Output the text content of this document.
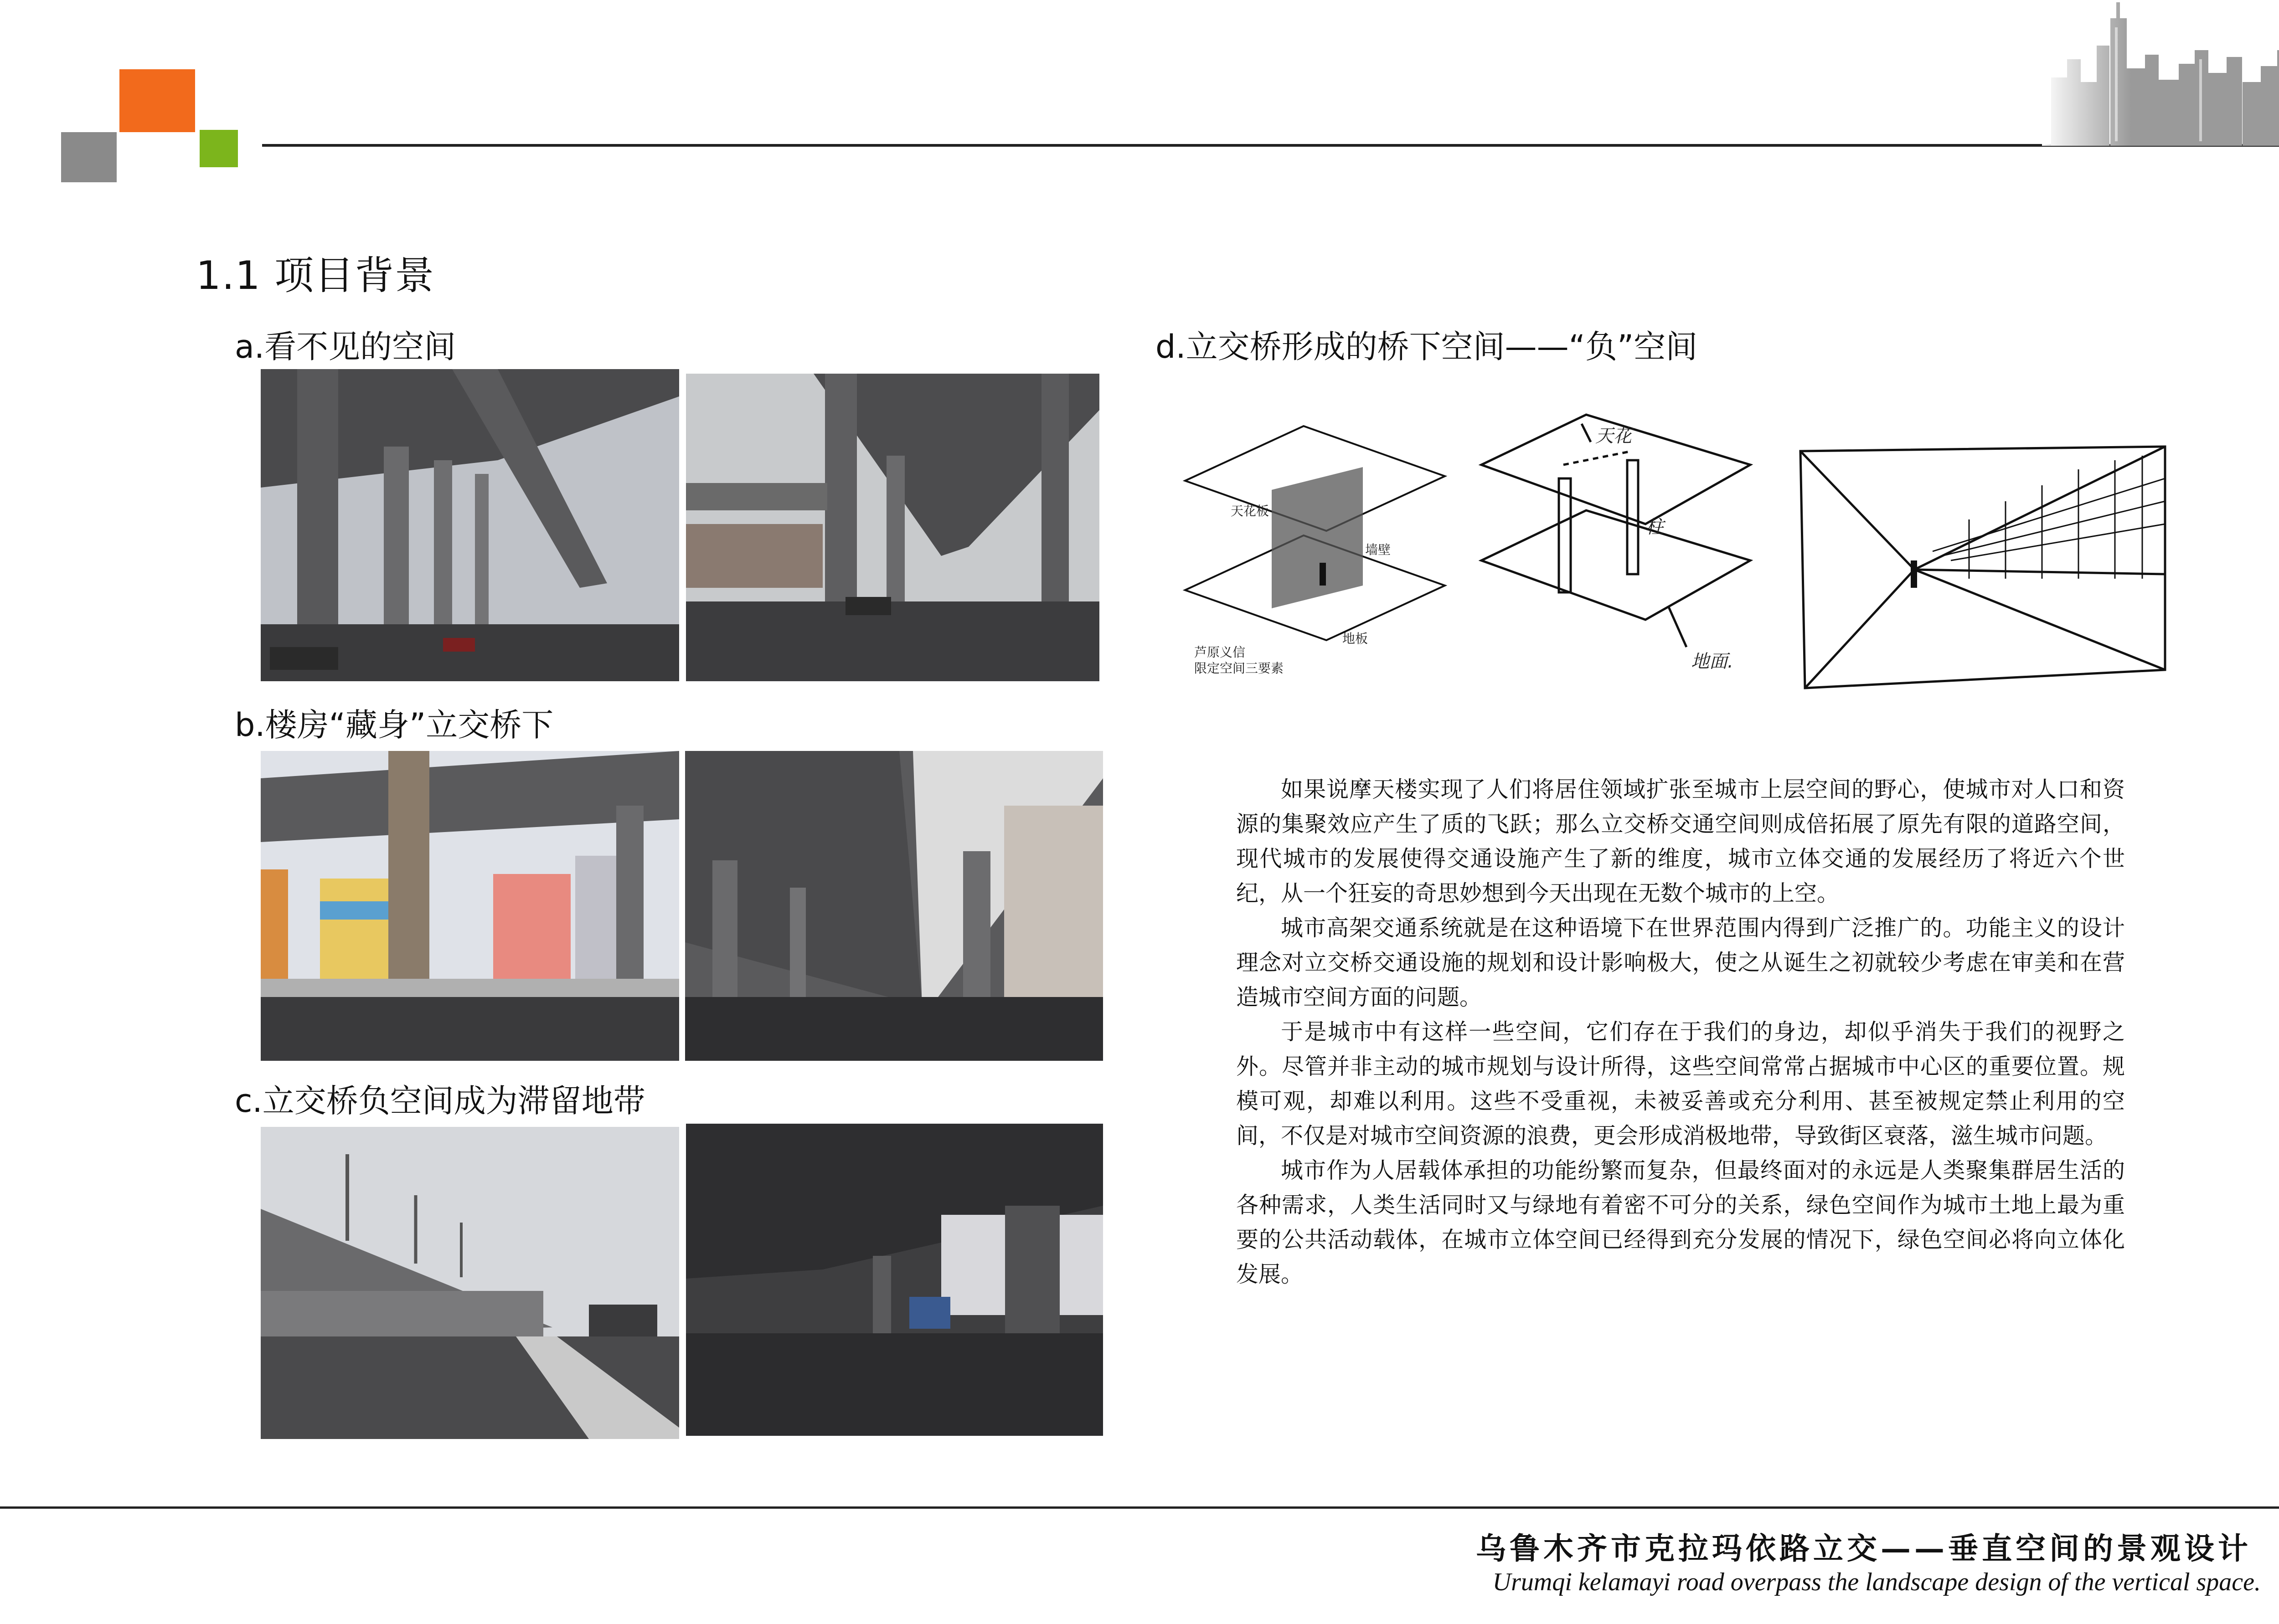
1.1 项目背景
a.看不见的空间
b.楼房“藏身”立交桥下
c.立交桥负空间成为滞留地带
d.立交桥形成的桥下空间——“负”空间
天花板
墙壁
地板
芦原义信
限定空间三要素
天花
柱
地面.

如果说摩天楼实现了人们将居住领域扩张至城市上层空间的野心，使城市对人口和资源的集聚效应产生了质的飞跃；那么立交桥交通空间则成倍拓展了原先有限的道路空间，现代城市的发展使得交通设施产生了新的维度，城市立体交通的发展经历了将近六个世纪，从一个狂妄的奇思妙想到今天出现在无数个城市的上空。

城市高架交通系统就是在这种语境下在世界范围内得到广泛推广的。功能主义的设计理念对立交桥交通设施的规划和设计影响极大，使之从诞生之初就较少考虑在审美和在营造城市空间方面的问题。

于是城市中有这样一些空间，它们存在于我们的身边，却似乎消失于我们的视野之外。尽管并非主动的城市规划与设计所得，这些空间常常占据城市中心区的重要位置。规模可观，却难以利用。这些不受重视，未被妥善或充分利用、甚至被规定禁止利用的空间，不仅是对城市空间资源的浪费，更会形成消极地带，导致街区衰落，滋生城市问题。

城市作为人居载体承担的功能纷繁而复杂，但最终面对的永远是人类聚集群居生活的各种需求，人类生活同时又与绿地有着密不可分的关系，绿色空间作为城市土地上最为重要的公共活动载体，在城市立体空间已经得到充分发展的情况下，绿色空间必将向立体化发展。

乌鲁木齐市克拉玛依路立交——垂直空间的景观设计
Urumqi kelamayi road overpass the landscape design of the vertical space.
